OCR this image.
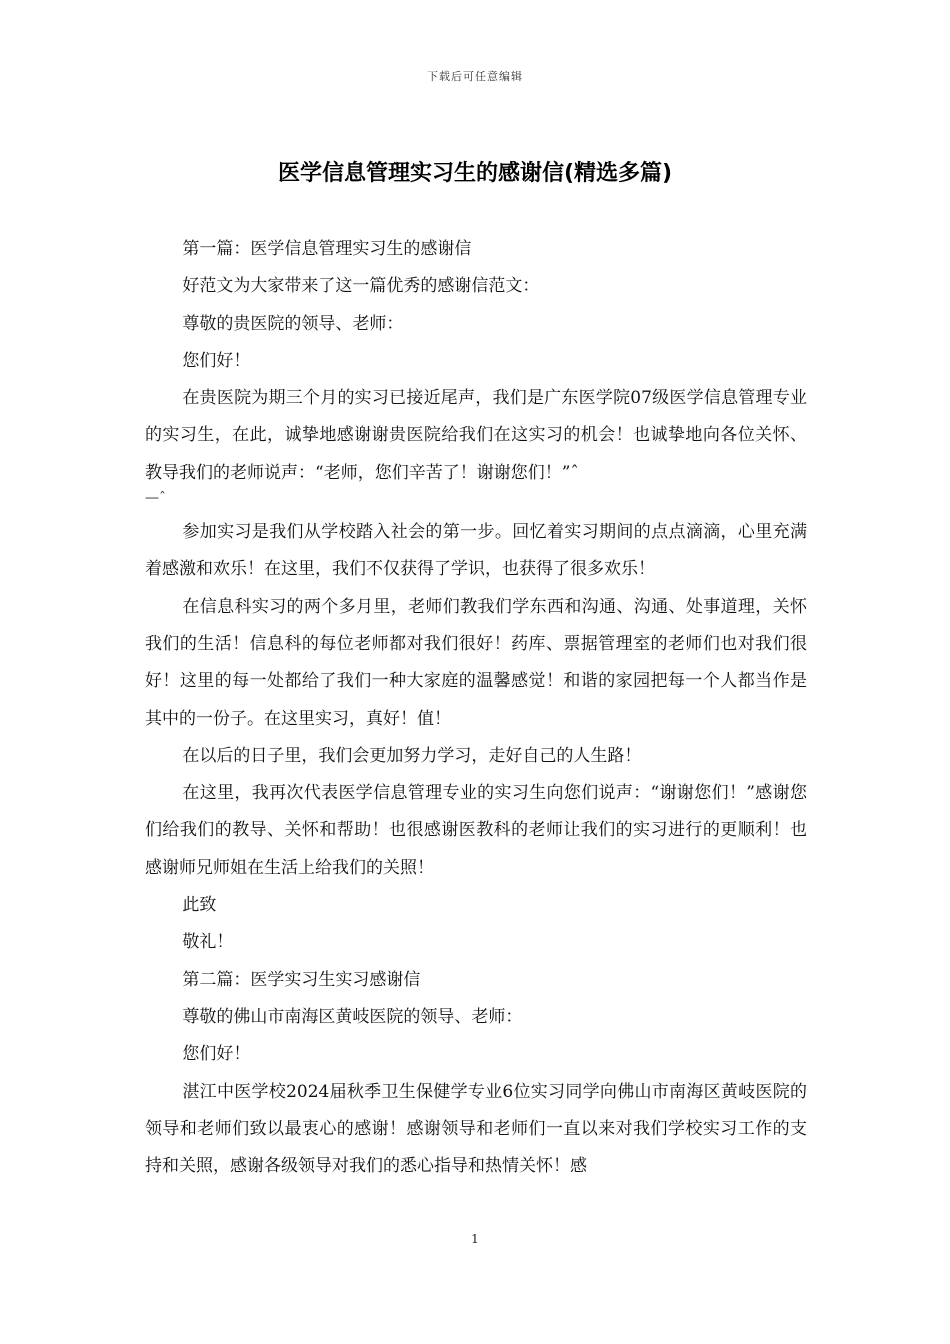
下载后可任意编辑
医学信息管理实习生的感谢信(精选多篇)

第一篇：医学信息管理实习生的感谢信

好范文为大家带来了这一篇优秀的感谢信范文：

尊敬的贵医院的领导、老师：

您们好！

在贵医院为期三个月的实习已接近尾声，我们是广东医学院07级医学信息管理专业的实习生，在此，诚挚地感谢谢贵医院给我们在这实习的机会！也诚挚地向各位关怀、教导我们的老师说声：“老师，您们辛苦了！谢谢您们！”ˆ

—ˆ

参加实习是我们从学校踏入社会的第一步。回忆着实习期间的点点滴滴，心里充满着感激和欢乐！在这里，我们不仅获得了学识，也获得了很多欢乐！

在信息科实习的两个多月里，老师们教我们学东西和沟通、沟通、处事道理，关怀我们的生活！信息科的每位老师都对我们很好！药库、票据管理室的老师们也对我们很好！这里的每一处都给了我们一种大家庭的温馨感觉！和谐的家园把每一个人都当作是其中的一份子。在这里实习，真好！值！

在以后的日子里，我们会更加努力学习，走好自己的人生路！

在这里，我再次代表医学信息管理专业的实习生向您们说声：“谢谢您们！”感谢您们给我们的教导、关怀和帮助！也很感谢医教科的老师让我们的实习进行的更顺利！也感谢师兄师姐在生活上给我们的关照！

此致

敬礼！

第二篇：医学实习生实习感谢信

尊敬的佛山市南海区黄岐医院的领导、老师：

您们好！

湛江中医学校2024届秋季卫生保健学专业6位实习同学向佛山市南海区黄岐医院的领导和老师们致以最衷心的感谢！感谢领导和老师们一直以来对我们学校实习工作的支持和关照，感谢各级领导对我们的悉心指导和热情关怀！感

1
